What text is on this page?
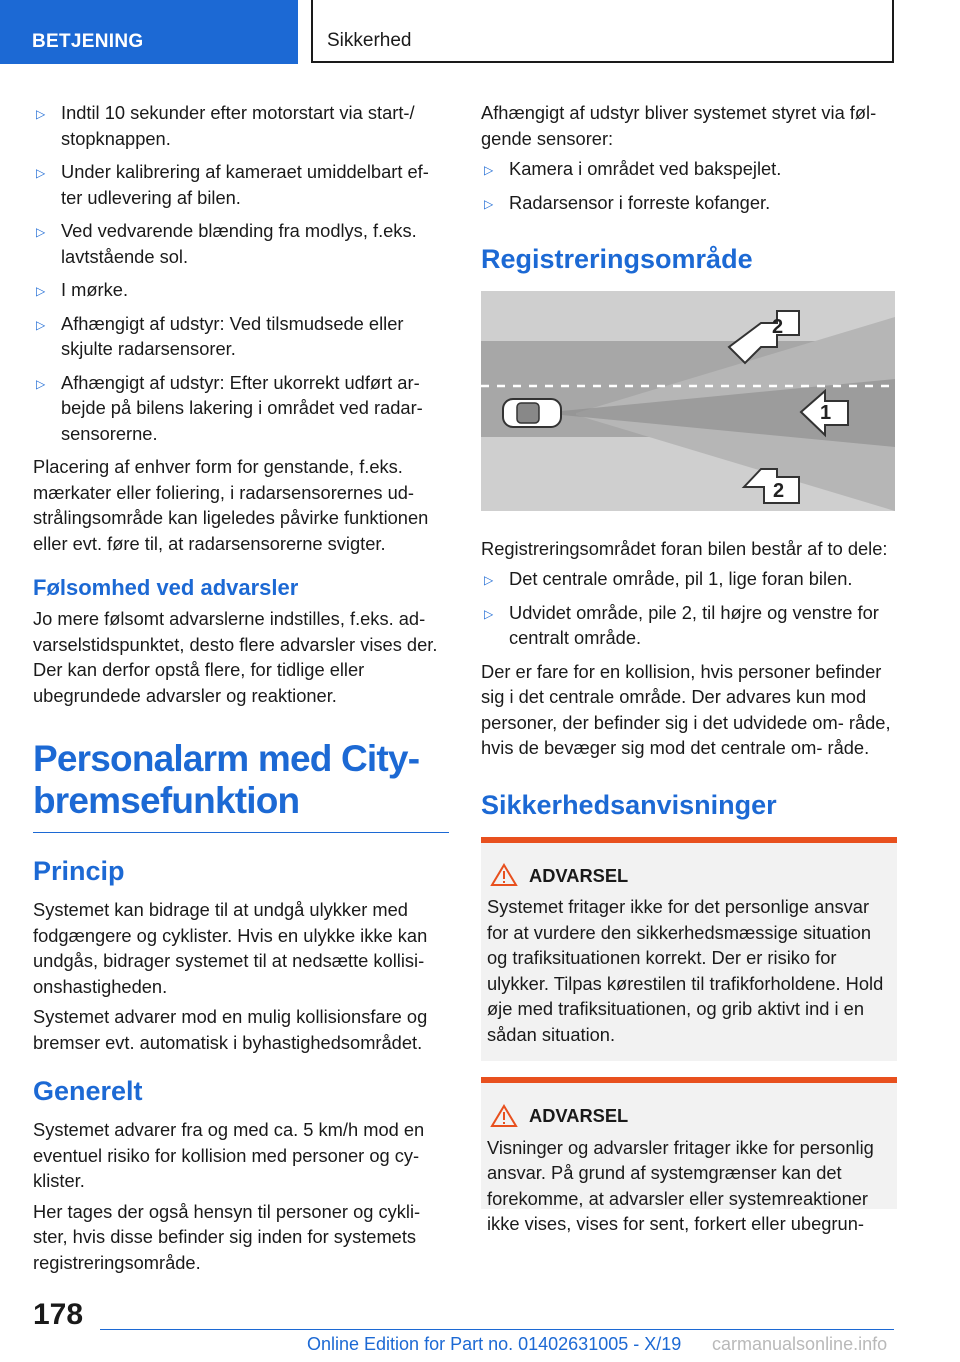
BETJENING	Sikkerhed
▷ Indtil 10 sekunder efter motorstart via start-/ stopknappen.
▷ Under kalibrering af kameraet umiddelbart ef- ter udlevering af bilen.
▷ Ved vedvarende blænding fra modlys, f.eks. lavtstående sol.
▷ I mørke.
▷ Afhængigt af udstyr: Ved tilsmudsede eller skjulte radarsensorer.
▷ Afhængigt af udstyr: Efter ukorrekt udført ar- bejde på bilens lakering i området ved radar- sensorerne.

Placering af enhver form for genstande, f.eks. mærkater eller foliering, i radarsensorernes ud- strålingsområde kan ligeledes påvirke funktionen eller evt. føre til, at radarsensorerne svigter.

Følsomhed ved advarsler

Jo mere følsomt advarslerne indstilles, f.eks. ad- varselstidspunktet, desto flere advarsler vises der. Der kan derfor opstå flere, for tidlige eller ubegrundede advarsler og reaktioner.

Personalarm med City-
bremsefunktion
Princip

Systemet kan bidrage til at undgå ulykker med fodgængere og cyklister. Hvis en ulykke ikke kan undgås, bidrager systemet til at nedsætte kollisi- onshastigheden.

Systemet advarer mod en mulig kollisionsfare og bremser evt. automatisk i byhastighedsområdet.

Generelt

Systemet advarer fra og med ca. 5 km/h mod en eventuel risiko for kollision med personer og cy- klister.

Her tages der også hensyn til personer og cykli- ster, hvis disse befinder sig inden for systemets registreringsområde.

Afhængigt af udstyr bliver systemet styret via føl- gende sensorer:

▷ Kamera i området ved bakspejlet.
▷ Radarsensor i forreste kofanger.
Registreringsområde
2
1
2

Registreringsområdet foran bilen består af to dele:

▷ Det centrale område, pil 1, lige foran bilen.
▷ Udvidet område, pile 2, til højre og venstre for centralt område.

Der er fare for en kollision, hvis personer befinder sig i det centrale område. Der advares kun mod personer, der befinder sig i det udvidede om- råde, hvis de bevæger sig mod det centrale om- råde.

Sikkerhedsanvisninger
ADVARSEL
Systemet fritager ikke for det personlige ansvar for at vurdere den sikkerhedsmæssige situation og trafiksituationen korrekt. Der er risiko for ulykker. Tilpas kørestilen til trafikforholdene. Hold øje med trafiksituationen, og grib aktivt ind i en sådan situation.
ADVARSEL
Visninger og advarsler fritager ikke for personlig ansvar. På grund af systemgrænser kan det forekomme, at advarsler eller systemreaktioner ikke vises, vises for sent, forkert eller ubegrun-
178
Online Edition for Part no. 01402631005 - X/19 carmanualsonline.info
